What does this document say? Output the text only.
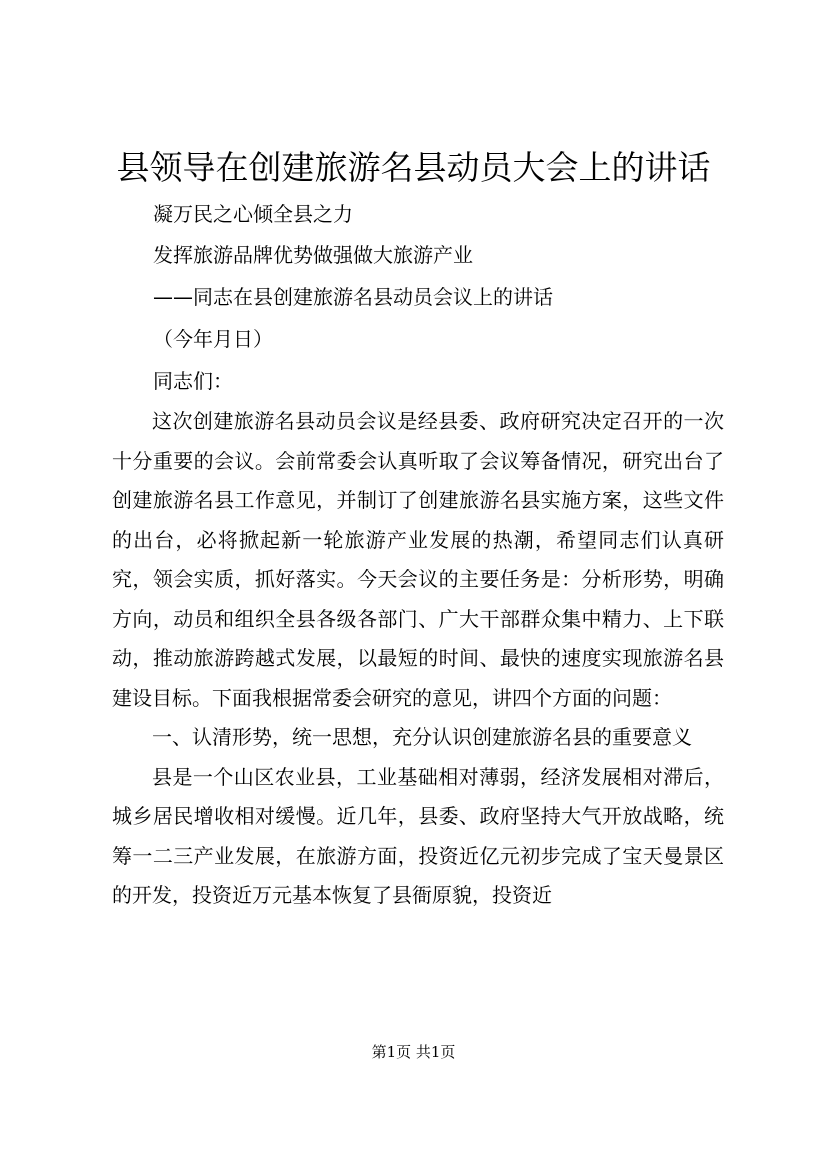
县领导在创建旅游名县动员大会上的讲话
凝万民之心倾全县之力
发挥旅游品牌优势做强做大旅游产业
——同志在县创建旅游名县动员会议上的讲话
（今年月日）
同志们：

这次创建旅游名县动员会议是经县委、政府研究决定召开的一次十分重要的会议。会前常委会认真听取了会议筹备情况，研究出台了创建旅游名县工作意见，并制订了创建旅游名县实施方案，这些文件的出台，必将掀起新一轮旅游产业发展的热潮，希望同志们认真研究，领会实质，抓好落实。今天会议的主要任务是：分析形势，明确方向，动员和组织全县各级各部门、广大干部群众集中精力、上下联动，推动旅游跨越式发展，以最短的时间、最快的速度实现旅游名县建设目标。下面我根据常委会研究的意见，讲四个方面的问题：

一、认清形势，统一思想，充分认识创建旅游名县的重要意义

县是一个山区农业县，工业基础相对薄弱，经济发展相对滞后，城乡居民增收相对缓慢。近几年，县委、政府坚持大气开放战略，统筹一二三产业发展，在旅游方面，投资近亿元初步完成了宝天曼景区的开发，投资近万元基本恢复了县衙原貌，投资近

第1页 共1页
